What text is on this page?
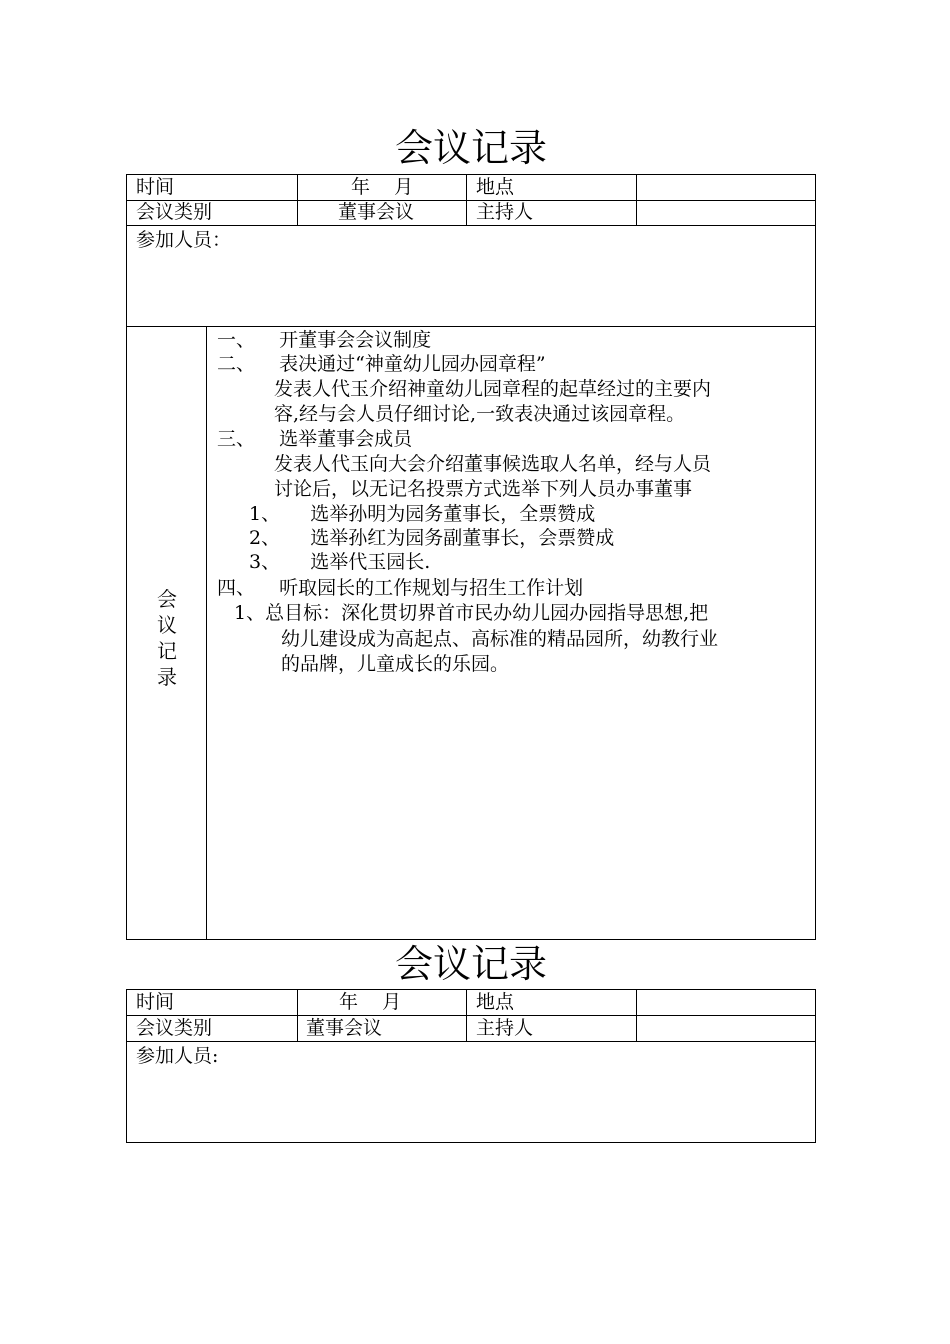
会议记录
时间	年    月	地点
会议类别	董事会议	主持人
参加人员：
会议记录
一、    开董事会会议制度
二、    表决通过“神童幼儿园办园章程”
发表人代玉介绍神童幼儿园章程的起草经过的主要内
容,经与会人员仔细讨论,一致表决通过该园章程。
三、    选举董事会成员
发表人代玉向大会介绍董事候选取人名单，经与人员
讨论后，以无记名投票方式选举下列人员办事董事
1、     选举孙明为园务董事长，全票赞成
2、     选举孙红为园务副董事长，会票赞成
3、     选举代玉园长.
四、    听取园长的工作规划与招生工作计划
1、总目标：深化贯切界首市民办幼儿园办园指导思想,把
幼儿建设成为高起点、高标准的精品园所，幼教行业
的品牌，儿童成长的乐园。
会议记录
时间	年    月	地点
会议类别	董事会议	主持人
参加人员:
